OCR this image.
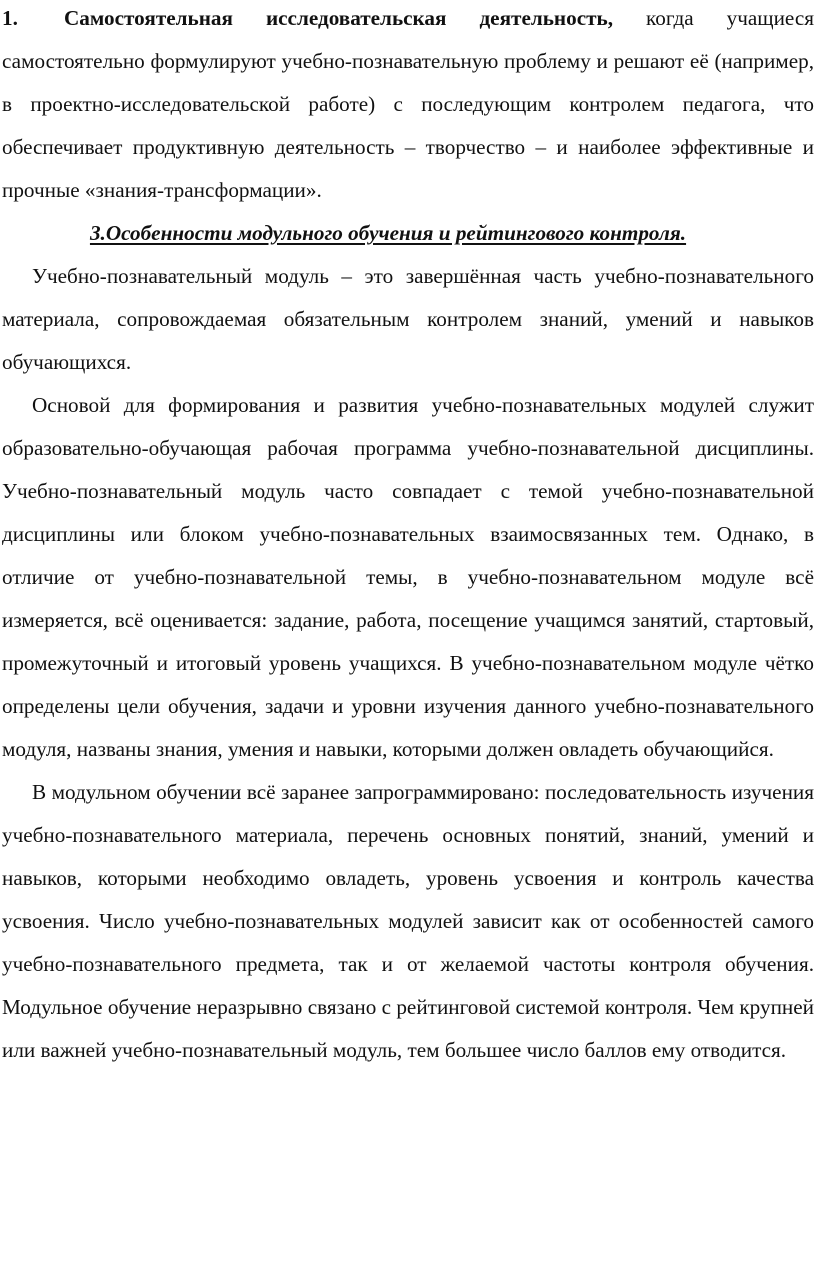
1. Самостоятельная исследовательская деятельность, когда учащиеся самостоятельно формулируют учебно-познавательную проблему и решают её (например, в проектно-исследовательской работе) с последующим контролем педагога, что обеспечивает продуктивную деятельность – творчество – и наиболее эффективные и прочные «знания-трансформации».

3.Особенности модульного обучения и рейтингового контроля.

Учебно-познавательный модуль – это завершённая часть учебно-познавательного материала, сопровождаемая обязательным контролем знаний, умений и навыков обучающихся.

Основой для формирования и развития учебно-познавательных модулей служит образовательно-обучающая рабочая программа учебно-познавательной дисциплины. Учебно-познавательный модуль часто совпадает с темой учебно-познавательной дисциплины или блоком учебно-познавательных взаимосвязанных тем. Однако, в отличие от учебно-познавательной темы, в учебно-познавательном модуле всё измеряется, всё оценивается: задание, работа, посещение учащимся занятий, стартовый, промежуточный и итоговый уровень учащихся. В учебно-познавательном модуле чётко определены цели обучения, задачи и уровни изучения данного учебно-познавательного модуля, названы знания, умения и навыки, которыми должен овладеть обучающийся.

В модульном обучении всё заранее запрограммировано: последовательность изучения учебно-познавательного материала, перечень основных понятий, знаний, умений и навыков, которыми необходимо овладеть, уровень усвоения и контроль качества усвоения. Число учебно-познавательных модулей зависит как от особенностей самого учебно-познавательного предмета, так и от желаемой частоты контроля обучения. Модульное обучение неразрывно связано с рейтинговой системой контроля. Чем крупней или важней учебно-познавательный модуль, тем большее число баллов ему отводится.
